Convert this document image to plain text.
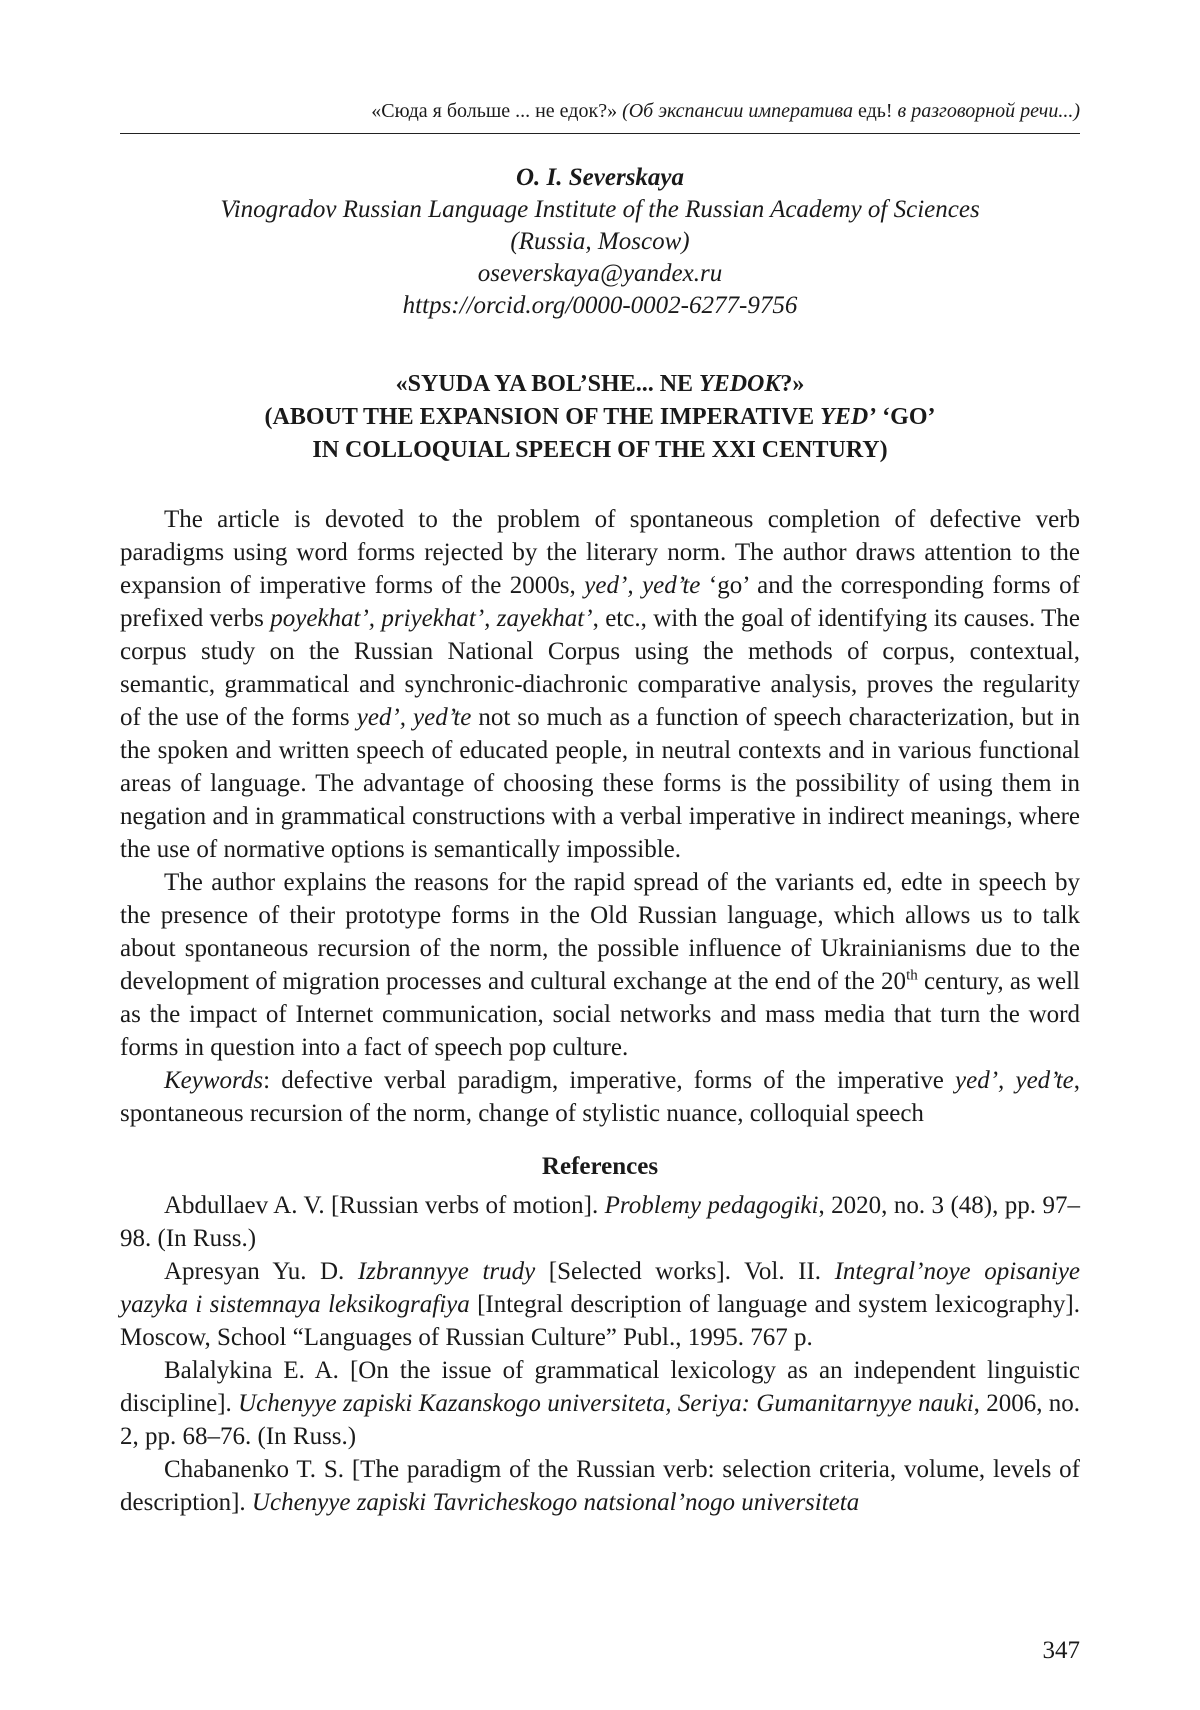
«Сюда я больше ... не едок?» (Об экспансии императива едь! в разговорной речи...)
O. I. Severskaya
Vinogradov Russian Language Institute of the Russian Academy of Sciences
(Russia, Moscow)
oseverskaya@yandex.ru
https://orcid.org/0000-0002-6277-9756
«SYUDA YA BOL’SHE... NE YEDOK?»
(ABOUT THE EXPANSION OF THE IMPERATIVE YED’ ‘GO’
IN COLLOQUIAL SPEECH OF THE XXI CENTURY)

The article is devoted to the problem of spontaneous completion of defective verb paradigms using word forms rejected by the literary norm. The author draws attention to the expansion of imperative forms of the 2000s, yed’, yed’te ‘go’ and the corresponding forms of prefixed verbs poyekhat’, priyekhat’, zayekhat’, etc., with the goal of identifying its causes. The corpus study on the Russian National Corpus using the methods of corpus, contextual, semantic, grammatical and synchronic-diachronic comparative analysis, proves the regularity of the use of the forms yed’, yed’te not so much as a function of speech characterization, but in the spoken and written speech of educated people, in neutral contexts and in various functional areas of language. The advantage of choosing these forms is the possibility of using them in negation and in grammatical constructions with a verbal imperative in indirect meanings, where the use of normative options is semantically impossible.

The author explains the reasons for the rapid spread of the variants ed, edte in speech by the presence of their prototype forms in the Old Russian language, which allows us to talk about spontaneous recursion of the norm, the possible influence of Ukrainianisms due to the development of migration processes and cultural exchange at the end of the 20th century, as well as the impact of Internet communication, social networks and mass media that turn the word forms in question into a fact of speech pop culture.

Keywords: defective verbal paradigm, imperative, forms of the imperative yed’, yed’te, spontaneous recursion of the norm, change of stylistic nuance, colloquial speech

References

Abdullaev A. V. [Russian verbs of motion]. Problemy pedagogiki, 2020, no. 3 (48), pp. 97–98. (In Russ.)

Apresyan Yu. D. Izbrannyye trudy [Selected works]. Vol. II. Integral’noye opisaniye yazyka i sistemnaya leksikografiya [Integral description of language and system lexicography]. Moscow, School “Languages of Russian Culture” Publ., 1995. 767 p.

Balalykina E. A. [On the issue of grammatical lexicology as an independent linguistic discipline]. Uchenyye zapiski Kazanskogo universiteta, Seriya: Gumanitarnyye nauki, 2006, no. 2, pp. 68–76. (In Russ.)

Chabanenko T. S. [The paradigm of the Russian verb: selection criteria, volume, levels of description]. Uchenyye zapiski Tavricheskogo natsional’nogo universiteta

347
